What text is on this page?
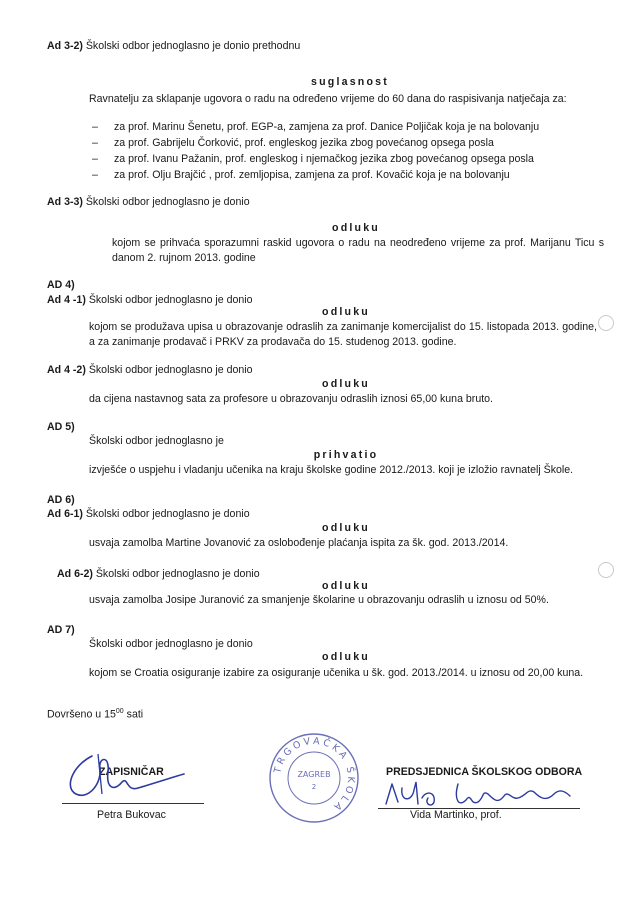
Ad 3-2) Školski odbor jednoglasno je donio prethodnu
suglasnost
Ravnatelju za sklapanje ugovora o radu na određeno vrijeme do 60 dana do raspisivanja natječaja za:
– za prof. Marinu Šenetu, prof. EGP-a, zamjena za prof. Danice Poljičak koja je na bolovanju
– za prof. Gabrijelu Čorković, prof. engleskog jezika zbog povećanog opsega posla
– za prof. Ivanu Pažanin, prof. engleskog i njemačkog jezika zbog povećanog opsega posla
– za prof. Olju Brajčić , prof. zemljopisa, zamjena za prof. Kovačić koja je na bolovanju
Ad 3-3) Školski odbor jednoglasno je donio
odluku
kojom se prihvaća sporazumni raskid ugovora o radu na neodređeno vrijeme za prof. Marijanu Ticu s danom 2. rujnom 2013. godine
AD 4)
Ad 4 -1) Školski odbor jednoglasno je donio
odluku
kojom se produžava upisa u obrazovanje odraslih za zanimanje komercijalist do 15. listopada 2013. godine, a za zanimanje prodavač i PRKV za prodavača do 15. studenog 2013. godine.
Ad 4 -2) Školski odbor jednoglasno je donio
odluku
da cijena nastavnog sata za profesore u obrazovanju odraslih iznosi 65,00 kuna bruto.
AD 5)
Školski odbor jednoglasno je
prihvatio
izvješće o uspjehu i vladanju učenika na kraju školske godine 2012./2013. koji je izložio ravnatelj Škole.
AD 6)
Ad 6-1) Školski odbor jednoglasno je donio
odluku
usvaja zamolba Martine Jovanović za oslobođenje plaćanja ispita za šk. god. 2013./2014.
Ad 6-2) Školski odbor jednoglasno je donio
odluku
usvaja zamolba Josipe Juranović za smanjenje školarine u obrazovanju odraslih u iznosu od 50%.
AD 7)
Školski odbor jednoglasno je donio
odluku
kojom se Croatia osiguranje izabire za osiguranje učenika u šk. god. 2013./2014. u iznosu od 20,00 kuna.
Dovršeno u $15^{00}$ sati
ZAPISNIČAR
Petra Bukovac
TRGOVAČKA ŠKOLA
ZAGREB
2
PREDSJEDNICA ŠKOLSKOG ODBORA
Vida Martinko, prof.
